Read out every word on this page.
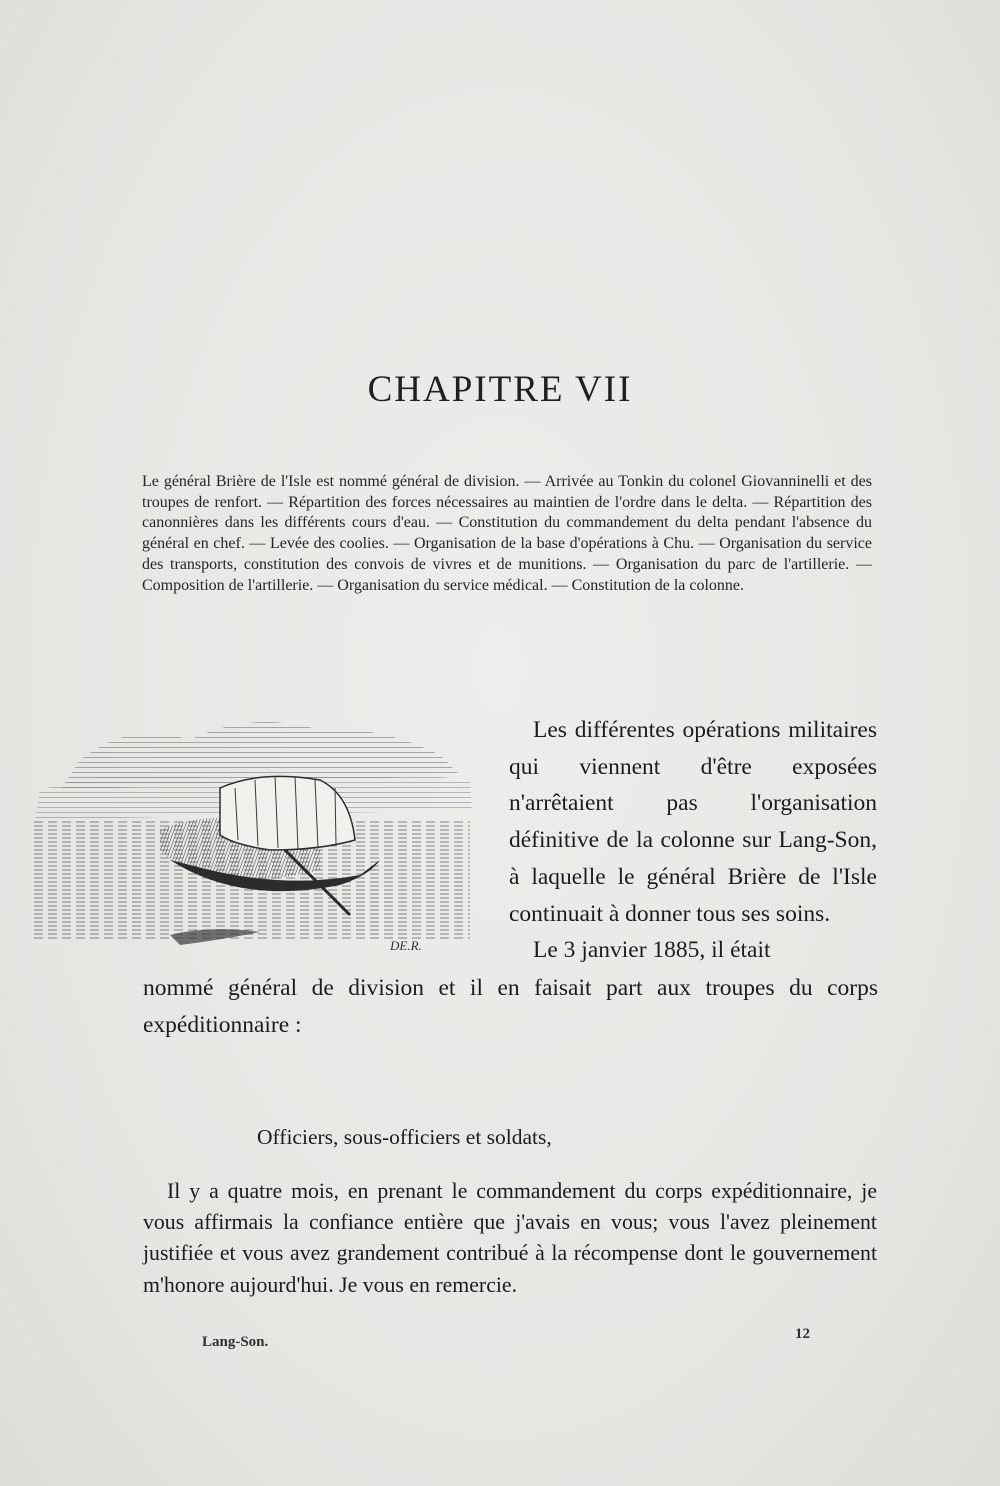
CHAPITRE VII
Le général Brière de l'Isle est nommé général de division. — Arrivée au Tonkin du colonel Giovanninelli et des troupes de renfort. — Répartition des forces nécessaires au maintien de l'ordre dans le delta. — Répartition des canonnières dans les différents cours d'eau. — Constitution du commandement du delta pendant l'absence du général en chef. — Levée des coolies. — Organisation de la base d'opérations à Chu. — Organisation du service des transports, constitution des convois de vivres et de munitions. — Organisation du parc de l'artillerie. — Composition de l'artillerie. — Organisation du service médical. — Constitution de la colonne.
DE.R.
Les différentes opérations militaires qui viennent d'être exposées n'arrêtaient pas l'organisation définitive de la colonne sur Lang-Son, à laquelle le général Brière de l'Isle continuait à donner tous ses soins.
Le 3 janvier 1885, il était
nommé général de division et il en faisait part aux troupes du corps expéditionnaire :
Officiers, sous-officiers et soldats,
Il y a quatre mois, en prenant le commandement du corps expéditionnaire, je vous affirmais la confiance entière que j'avais en vous; vous l'avez pleinement justifiée et vous avez grandement contribué à la récompense dont le gouvernement m'honore aujourd'hui. Je vous en remercie.
Lang-Son.	12
